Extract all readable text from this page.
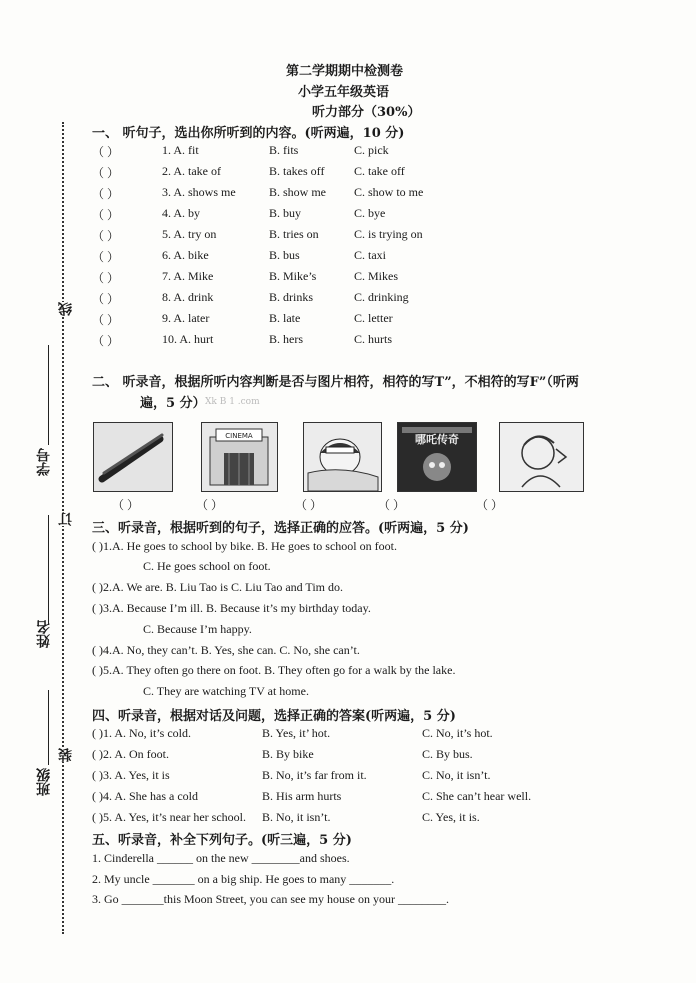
第二学期期中检测卷
小学五年级英语
听力部分（30%）
学号
姓名
班级
线
订
装
一、 听句子，选出你所听到的内容。(听两遍，10 分)
（ ）	1. A. fit	B. fits	C. pick
（ ）	2. A. take of	B. takes off C. take off
（ ）	3. A. shows me	B. show me C. show to me
（ ）	4. A. by	B. buy	C. bye
（ ）	5. A. try on	B. tries on	C. is trying on
（ ）	6. A. bike	B. bus	C. taxi
（ ）	7. A. Mike	B. Mike’s	C. Mikes
（ ）	8. A. drink	B. drinks	C. drinking
（ ）	9. A. later	B. late	C. letter
（ ）	10. A. hurt	B. hers	C. hurts
二、 听录音，根据所听内容判断是否与图片相符，相符的写T”，不相符的写F”（听两
遍，5 分） Xk B 1 .com
CINEMA	哪吒传奇
（ ）	（ ）	（ ）	（ ）	（ ）
三、听录音，根据听到的句子，选择正确的应答。(听两遍，5 分)
( )1.A. He goes to school by bike. B. He goes to school on foot.
C. He goes school on foot.
( )2.A. We are. B. Liu Tao is C. Liu Tao and Tim do.
( )3.A. Because I’m ill. B. Because it’s my birthday today.
C. Because I’m happy.
( )4.A. No, they can’t. B. Yes, she can. C. No, she can’t.
( )5.A. They often go there on foot. B. They often go for a walk by the lake.
C. They are watching TV at home.
四、听录音，根据对话及问题，选择正确的答案(听两遍，5 分)
( )1. A. No, it’s cold.	B. Yes, it’ hot.	C. No, it’s hot.
( )2. A. On foot.	B. By bike	C. By bus.
( )3. A. Yes, it is	B. No, it’s far from it.	C. No, it isn’t.
( )4. A. She has a cold	B. His arm hurts	C. She can’t hear well.
( )5. A. Yes, it’s near her school. B. No, it isn’t.	C. Yes, it is.
五、听录音，补全下列句子。(听三遍，5 分)
1. Cinderella ______ on the new ________and shoes.
2. My uncle _______ on a big ship. He goes to many _______.
3. Go _______this Moon Street, you can see my house on your ________.
